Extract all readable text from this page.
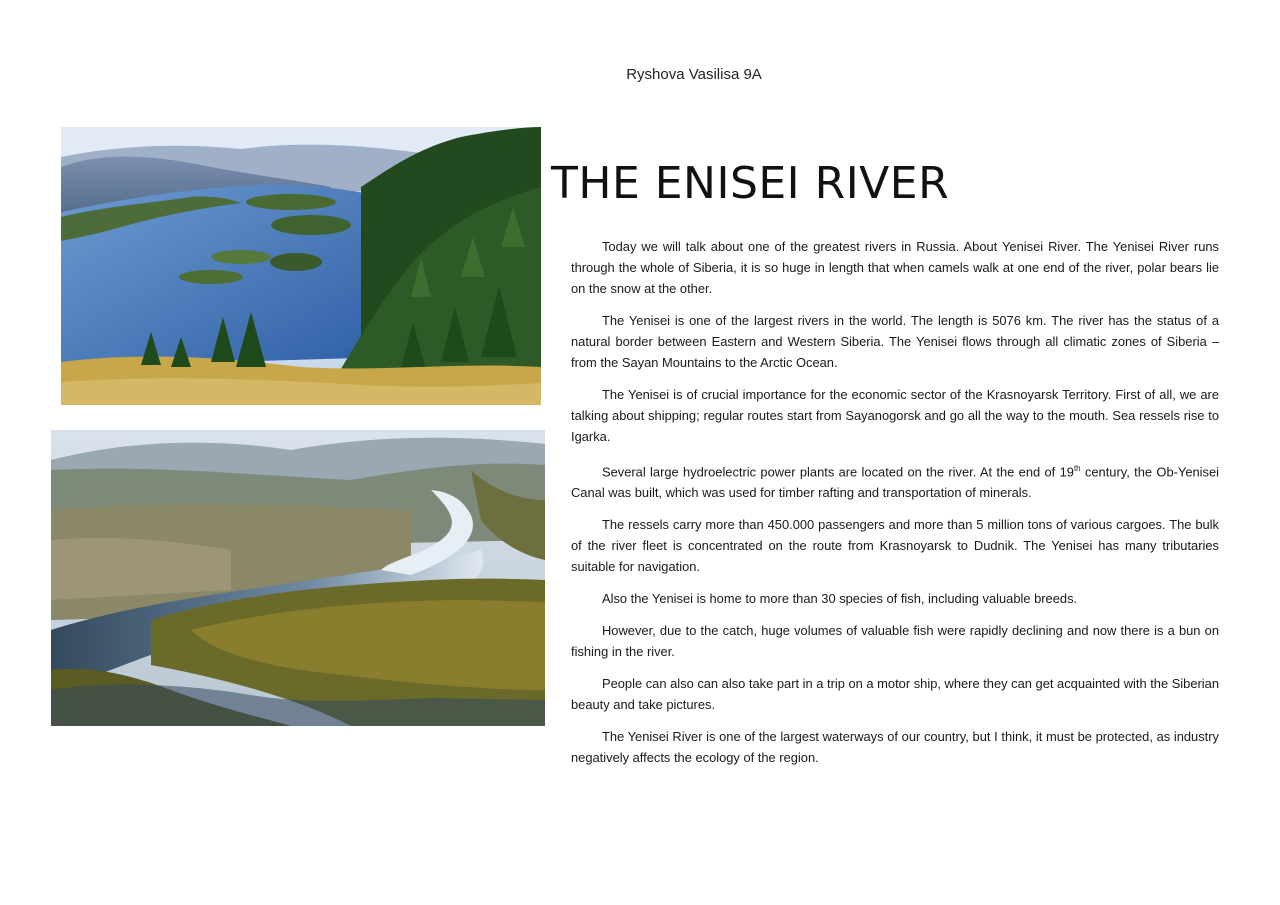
Ryshova Vasilisa 9A
THE ENISEI RIVER

Today we will talk about one of the greatest rivers in Russia. About Yenisei River. The Yenisei River runs through the whole of Siberia, it is so huge in length that when camels walk at one end of the river, polar bears lie on the snow at the other.

The Yenisei is one of the largest rivers in the world. The length is 5076 km. The river has the status of a natural border between Eastern and Western Siberia. The Yenisei flows through all climatic zones of Siberia – from the Sayan Mountains to the Arctic Ocean.

The Yenisei is of crucial importance for the economic sector of the Krasnoyarsk Territory. First of all, we are talking about shipping; regular routes start from Sayanogorsk and go all the way to the mouth. Sea ressels rise to Igarka.

Several large hydroelectric power plants are located on the river. At the end of 19th century, the Ob-Yenisei Canal was built, which was used for timber rafting and transportation of minerals.

The ressels carry more than 450.000 passengers and more than 5 million tons of various cargoes. The bulk of the river fleet is concentrated on the route from Krasnoyarsk to Dudnik. The Yenisei has many tributaries suitable for navigation.

Also the Yenisei is home to more than 30 species of fish, including valuable breeds.

However, due to the catch, huge volumes of valuable fish were rapidly declining and now there is a bun on fishing in the river.

People can also can also take part in a trip on a motor ship, where they can get acquainted with the Siberian beauty and take pictures.

The Yenisei River is one of the largest waterways of our country, but I think, it must be protected, as industry negatively affects the ecology of the region.
